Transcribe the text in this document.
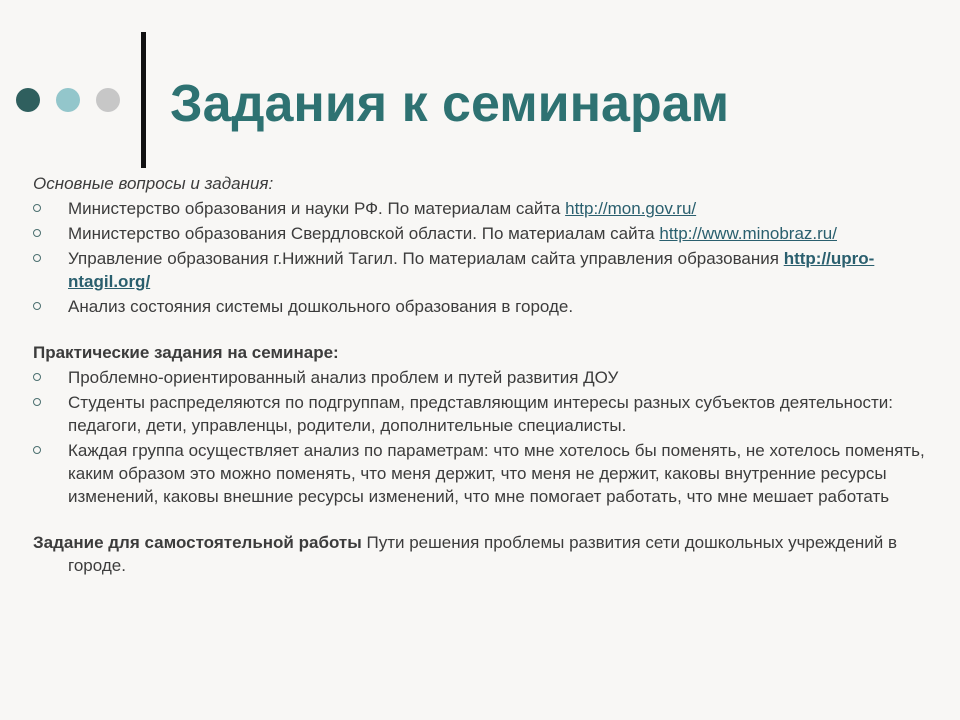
Задания к семинарам

Основные вопросы и задания:

Министерство образования и науки РФ. По материалам сайта http://mon.gov.ru/
Министерство образования Свердловской области. По материалам сайта http://www.minobraz.ru/
Управление образования г.Нижний Тагил. По материалам сайта управления образования http://upro-ntagil.org/
Анализ состояния системы дошкольного образования в городе.

Практические задания на семинаре:

Проблемно-ориентированный анализ проблем и путей развития ДОУ
Студенты распределяются по подгруппам, представляющим интересы разных субъектов деятельности: педагоги, дети, управленцы, родители, дополнительные специалисты.
Каждая группа осуществляет анализ по параметрам: что мне хотелось бы поменять, не хотелось поменять, каким образом это можно поменять, что меня держит, что меня не держит, каковы внутренние ресурсы изменений, каковы внешние ресурсы изменений, что мне помогает работать, что мне мешает работать

Задание для самостоятельной работы Пути решения проблемы развития сети дошкольных учреждений в городе.
